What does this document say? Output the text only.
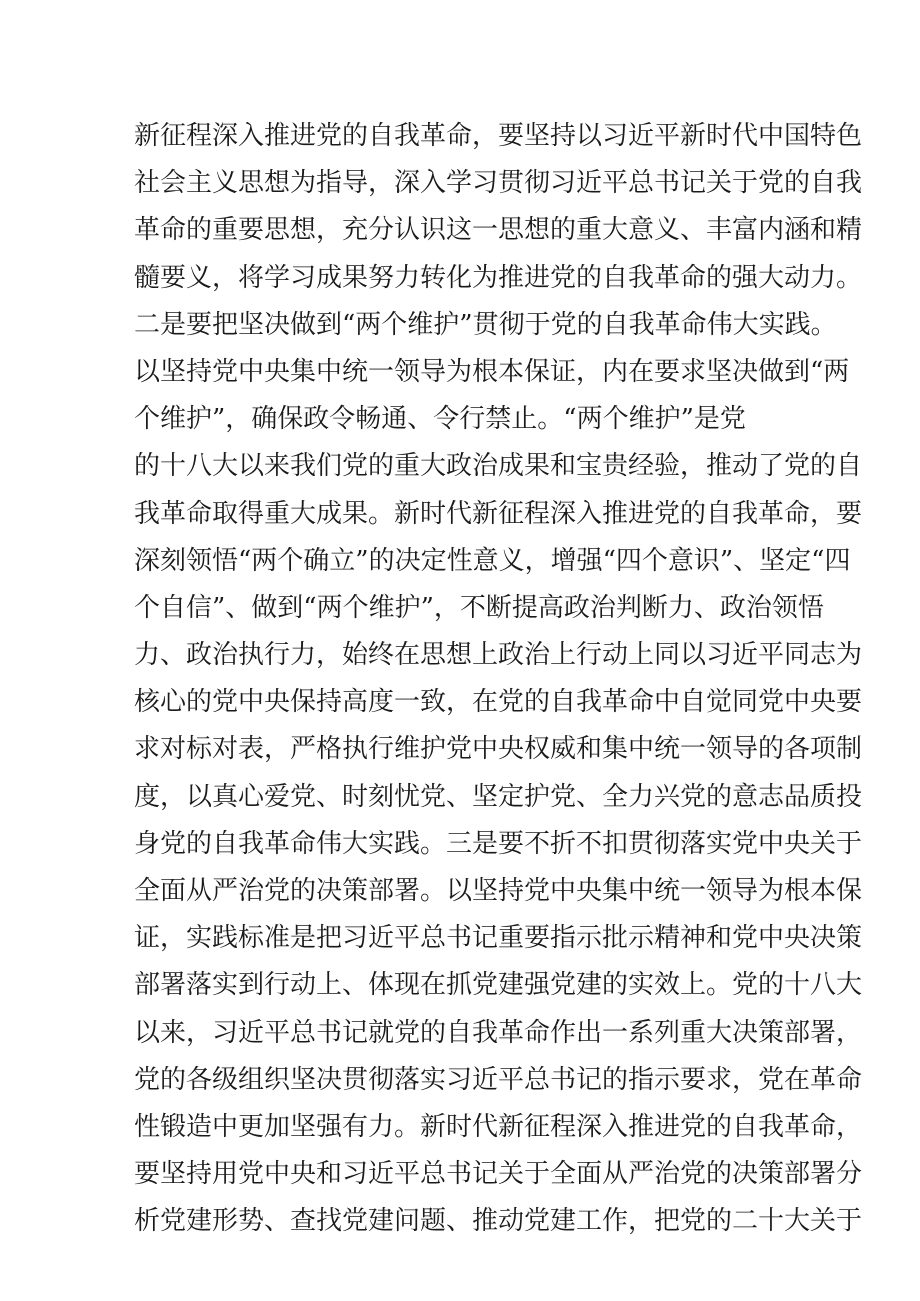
新征程深入推进党的自我革命，要坚持以习近平新时代中国特色
社会主义思想为指导，深入学习贯彻习近平总书记关于党的自我
革命的重要思想，充分认识这一思想的重大意义、丰富内涵和精
髓要义，将学习成果努力转化为推进党的自我革命的强大动力。
二是要把坚决做到“两个维护”贯彻于党的自我革命伟大实践。
以坚持党中央集中统一领导为根本保证，内在要求坚决做到“两
个维护”，确保政令畅通、令行禁止。“两个维护”是党
的十八大以来我们党的重大政治成果和宝贵经验，推动了党的自
我革命取得重大成果。新时代新征程深入推进党的自我革命，要
深刻领悟“两个确立”的决定性意义，增强“四个意识”、坚定“四
个自信”、做到“两个维护”，不断提高政治判断力、政治领悟
力、政治执行力，始终在思想上政治上行动上同以习近平同志为
核心的党中央保持高度一致，在党的自我革命中自觉同党中央要
求对标对表，严格执行维护党中央权威和集中统一领导的各项制
度，以真心爱党、时刻忧党、坚定护党、全力兴党的意志品质投
身党的自我革命伟大实践。三是要不折不扣贯彻落实党中央关于
全面从严治党的决策部署。以坚持党中央集中统一领导为根本保
证，实践标准是把习近平总书记重要指示批示精神和党中央决策
部署落实到行动上、体现在抓党建强党建的实效上。党的十八大
以来，习近平总书记就党的自我革命作出一系列重大决策部署，
党的各级组织坚决贯彻落实习近平总书记的指示要求，党在革命
性锻造中更加坚强有力。新时代新征程深入推进党的自我革命，
要坚持用党中央和习近平总书记关于全面从严治党的决策部署分
析党建形势、查找党建问题、推动党建工作，把党的二十大关于
